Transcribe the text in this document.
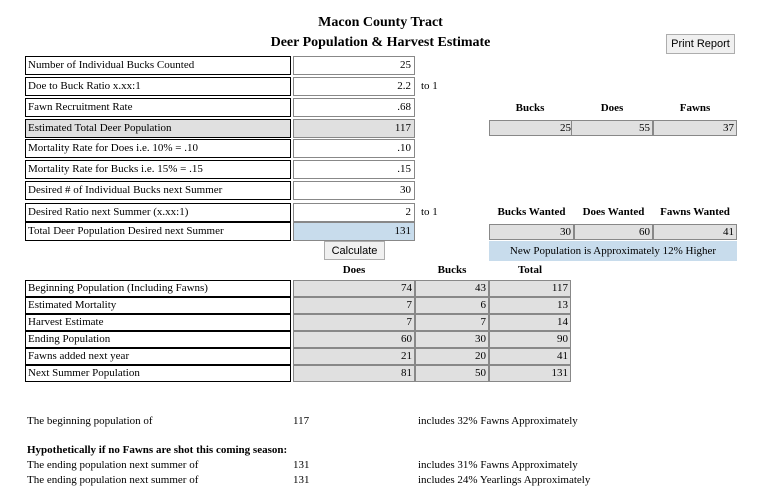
Macon County Tract
Deer Population & Harvest Estimate	Print Report
Number of Individual Bucks Counted	25
Doe to Buck Ratio x.xx:1	2.2 to 1
Fawn Recruitment Rate	.68
Estimated Total Deer Population	117
Mortality Rate for Does i.e. 10% = .10	.10
Mortality Rate for Bucks i.e. 15% = .15	.15
Desired # of Individual Bucks next Summer	30
Desired Ratio next Summer (x.xx:1)	2 to 1
Total Deer Population Desired next Summer	131
Bucks	Does	Fawns
25	55	37
Bucks Wanted	Does Wanted	Fawns Wanted
30	60	41
Calculate	New Population is Approximately 12% Higher
Does	Bucks	Total
Beginning Population (Including Fawns)	74	43	117
Estimated Mortality	7	6	13
Harvest Estimate	7	7	14
Ending Population	60	30	90
Fawns added next year	21	20	41
Next Summer Population	81	50	131
The beginning population of	117	includes 32% Fawns Approximately
Hypothetically if no Fawns are shot this coming season:
The ending population next summer of	131	includes 31% Fawns Approximately
The ending population next summer of	131	includes 24% Yearlings Approximately
